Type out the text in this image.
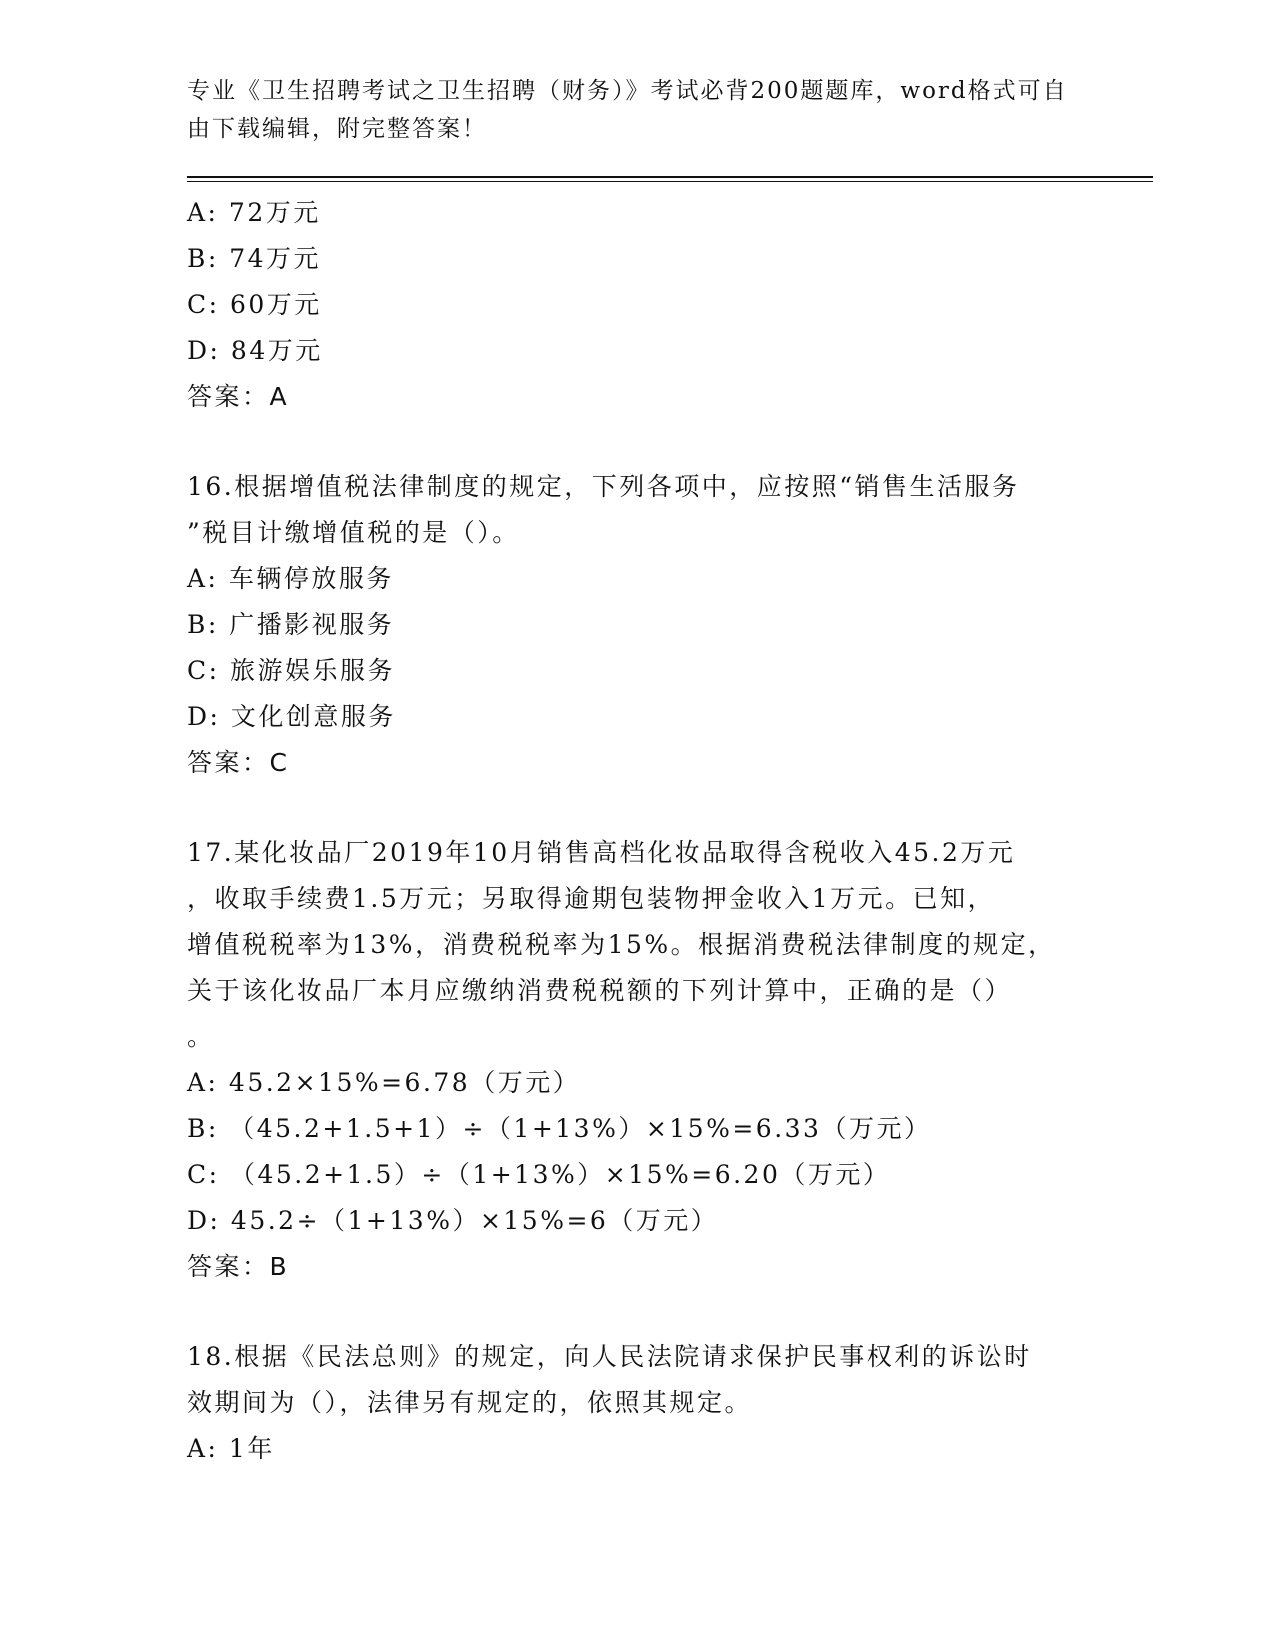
专业《卫生招聘考试之卫生招聘（财务）》考试必背200题题库，word格式可自
由下载编辑，附完整答案！
A: 72万元
B: 74万元
C: 60万元
D: 84万元
答案：A
16.根据增值税法律制度的规定，下列各项中，应按照“销售生活服务
”税目计缴增值税的是（）。
A: 车辆停放服务
B: 广播影视服务
C: 旅游娱乐服务
D: 文化创意服务
答案：C
17.某化妆品厂2019年10月销售高档化妆品取得含税收入45.2万元
，收取手续费1.5万元；另取得逾期包装物押金收入1万元。已知，
增值税税率为13%，消费税税率为15%。根据消费税法律制度的规定，
关于该化妆品厂本月应缴纳消费税税额的下列计算中，正确的是（）
。
A: 45.2×15%=6.78（万元）
B: （45.2+1.5+1）÷（1+13%）×15%=6.33（万元）
C: （45.2+1.5）÷（1+13%）×15%=6.20（万元）
D: 45.2÷（1+13%）×15%=6（万元）
答案：B
18.根据《民法总则》的规定，向人民法院请求保护民事权利的诉讼时
效期间为（），法律另有规定的，依照其规定。
A: 1年
